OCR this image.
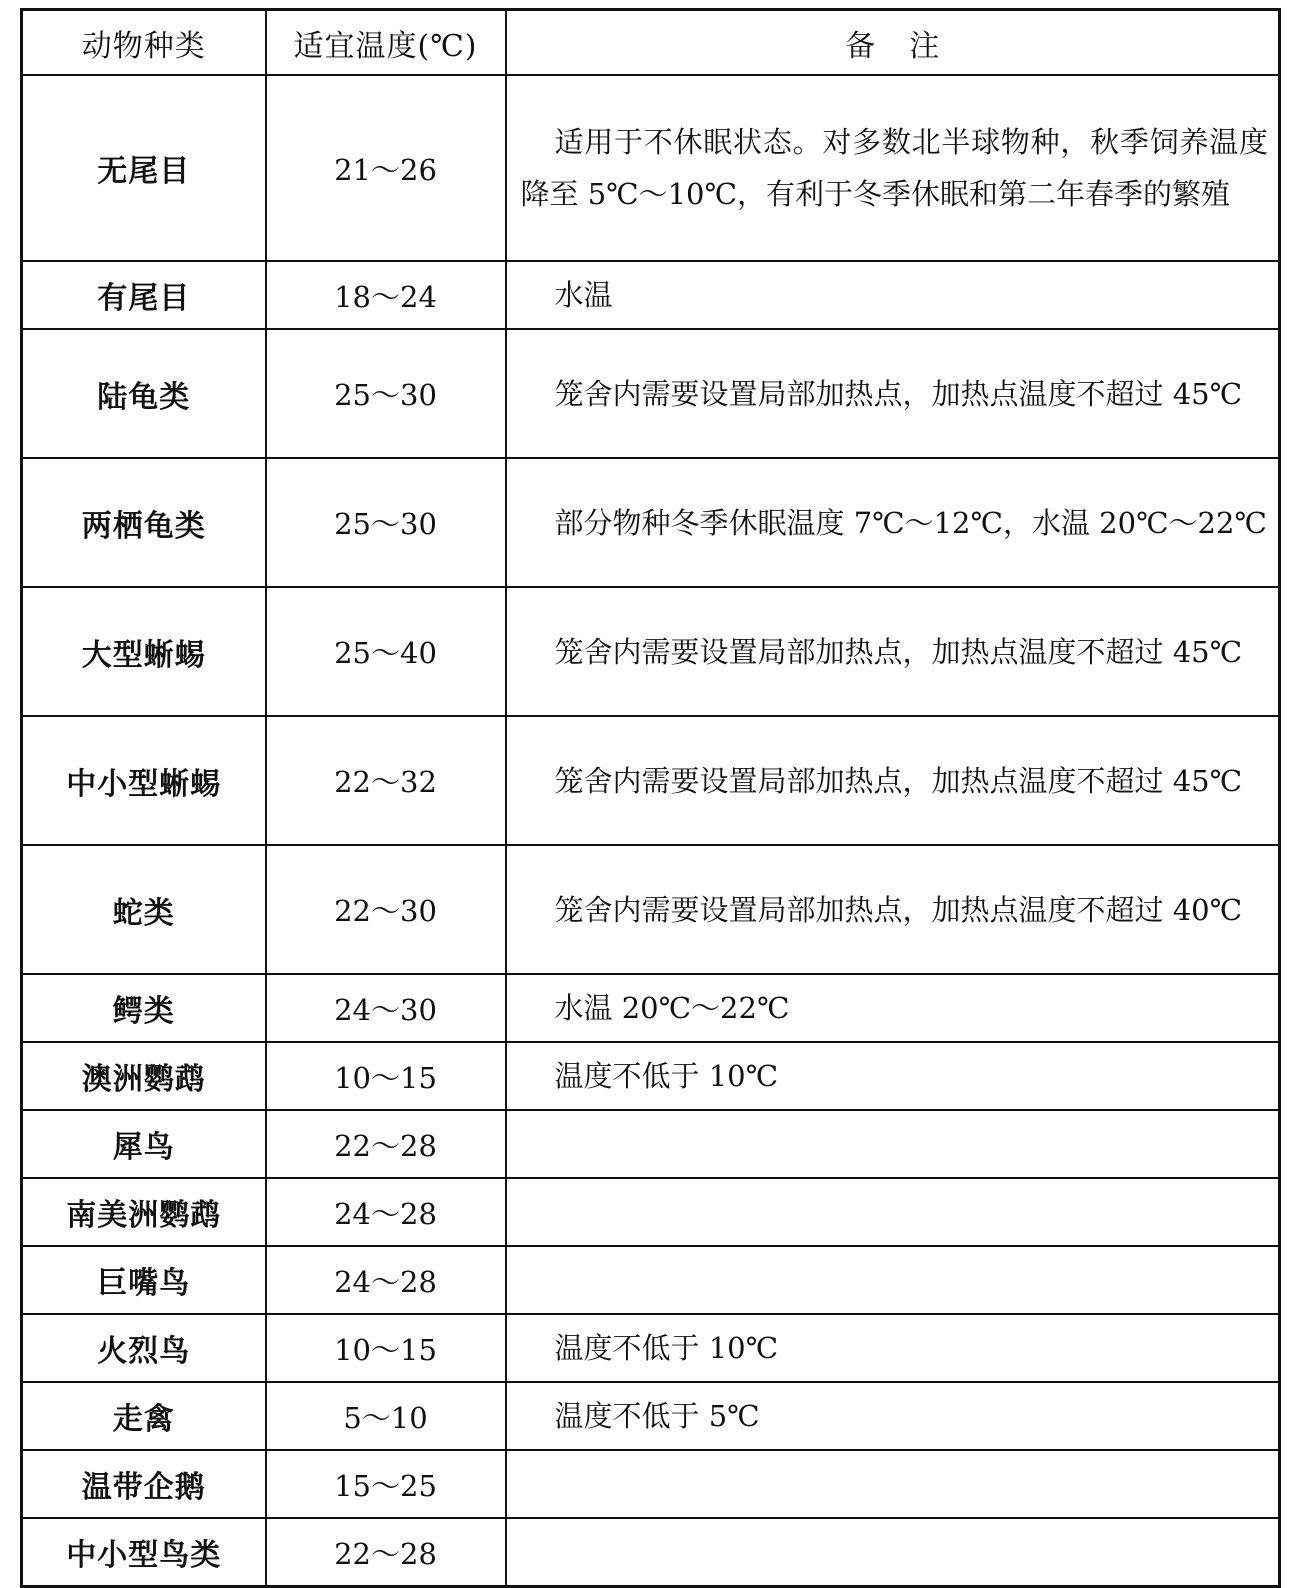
动物种类	适宜温度(℃)	备注
无尾目	21～26	适用于不休眠状态。对多数北半球物种，秋季饲养温度降至 5℃～10℃，有利于冬季休眠和第二年春季的繁殖
有尾目	18～24	水温
陆龟类	25～30	笼舍内需要设置局部加热点，加热点温度不超过 45℃
两栖龟类	25～30	部分物种冬季休眠温度 7℃～12℃，水温 20℃～22℃
大型蜥蜴	25～40	笼舍内需要设置局部加热点，加热点温度不超过 45℃
中小型蜥蜴	22～32	笼舍内需要设置局部加热点，加热点温度不超过 45℃
蛇类	22～30	笼舍内需要设置局部加热点，加热点温度不超过 40℃
鳄类	24～30	水温 20℃～22℃
澳洲鹦鹉	10～15	温度不低于 10℃
犀鸟	22～28	
南美洲鹦鹉	24～28	
巨嘴鸟	24～28	
火烈鸟	10～15	温度不低于 10℃
走禽	5～10	温度不低于 5℃
温带企鹅	15～25	
中小型鸟类	22～28	
